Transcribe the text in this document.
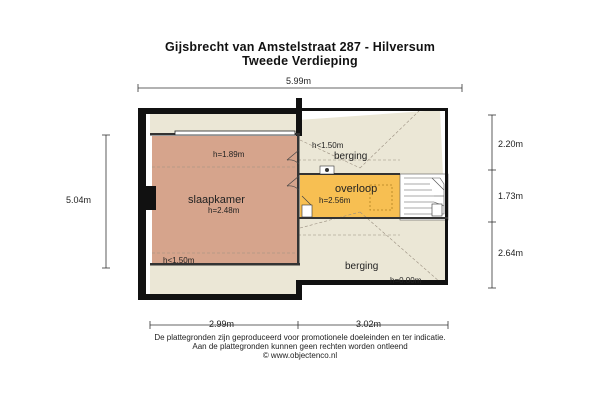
Gijsbrecht van Amstelstraat 287 - Hilversum
Tweede Verdieping
5.99m
5.04m
2.99m	3.02m
2.20m
1.73m
2.64m
h=1.89m
slaapkamer
h=2.48m
h<1.50m
h<1.50m
berging
overloop
h=2.56m
berging
h=0.00m
De plattegronden zijn geproduceerd voor promotionele doeleinden en ter indicatie.
Aan de plattegronden kunnen geen rechten worden ontleend
© www.objectenco.nl
